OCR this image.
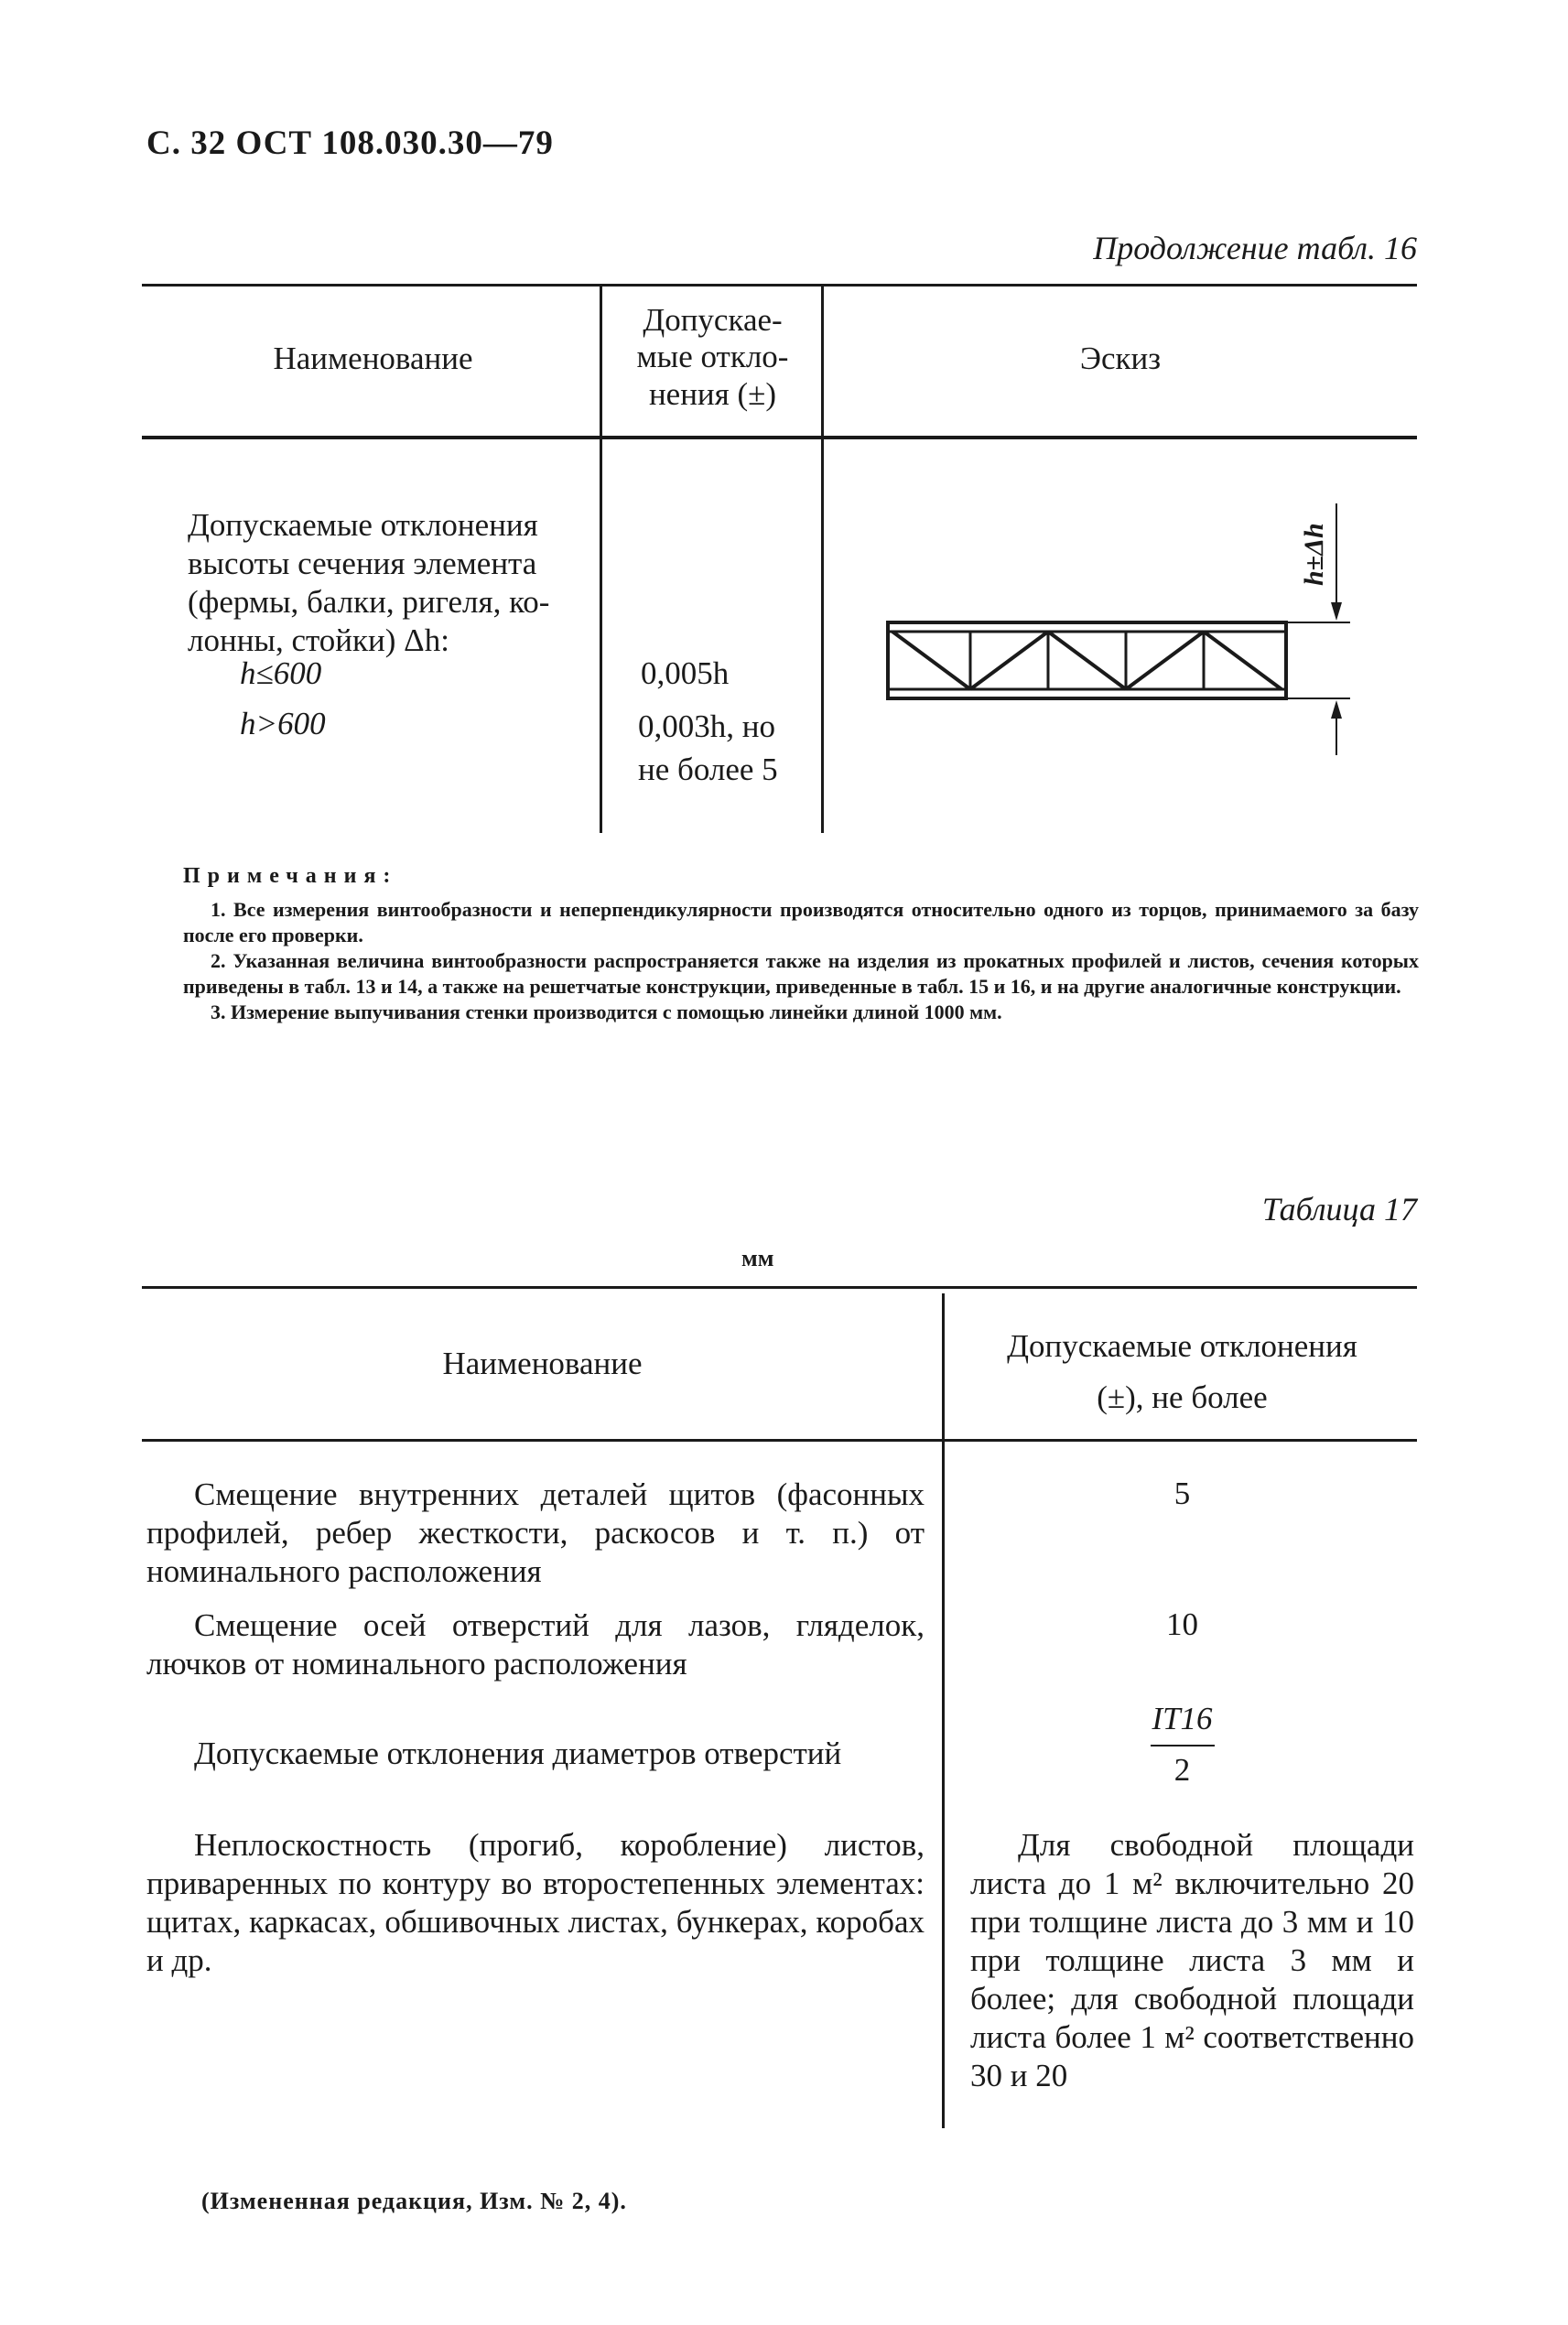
С. 32 ОСТ 108.030.30—79
Продолжение табл. 16
Наименование
Допускае-
мые откло-
нения (±)
Эскиз
Допускаемые отклонения
высоты сечения элемента
(фермы, балки, ригеля, ко-
лонны, стойки) Δh:
h≤600
h>600
0,005h
0,003h, но
не более 5
h±Δh

Примечания:

1. Все измерения винтообразности и неперпендикулярности производятся относительно одного из торцов, принимаемого за базу после его проверки.

2. Указанная величина винтообразности распространяется также на изделия из прокатных профилей и листов, сечения которых приведены в табл. 13 и 14, а также на решетчатые конструкции, приведенные в табл. 15 и 16, и на другие аналогичные конструкции.

3. Измерение выпучивания стенки производится с помощью линейки длиной 1000 мм.

Таблица 17
мм
Наименование	Допускаемые отклонения
(±), не более
Смещение внутренних деталей щитов (фасонных профилей, ребер жесткости, раскосов и т. п.) от номинального расположения
5
Смещение осей отверстий для лазов, гляделок, лючков от номинального расположения
10
Допускаемые отклонения диаметров отверстий
IT16
2
Неплоскостность (прогиб, коробление) листов, приваренных по контуру во второстепенных элементах: щитах, каркасах, обшивочных листах, бункерах, коробах и др.
Для свободной площади листа до 1 м² включительно 20 при толщине листа до 3 мм и 10 при толщине листа 3 мм и более; для свободной площади листа более 1 м² соответственно 30 и 20
(Измененная редакция, Изм. № 2, 4).
